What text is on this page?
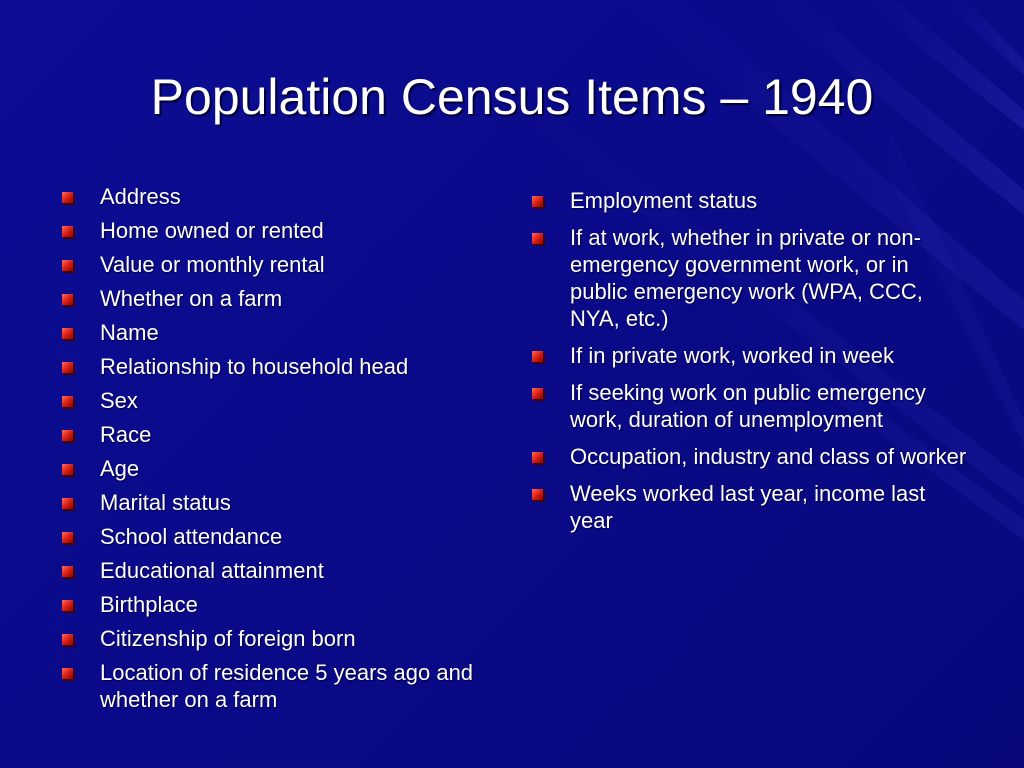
Population Census Items – 1940
Address
Home owned or rented
Value or monthly rental
Whether on a farm
Name
Relationship to household head
Sex
Race
Age
Marital status
School attendance
Educational attainment
Birthplace
Citizenship of foreign born
Location of residence 5 years ago and whether on a farm
Employment status
If at work, whether in private or non-emergency government work, or in public emergency work (WPA, CCC, NYA, etc.)
If in private work, worked in week
If seeking work on public emergency work, duration of unemployment
Occupation, industry and class of worker
Weeks worked last year, income last year
